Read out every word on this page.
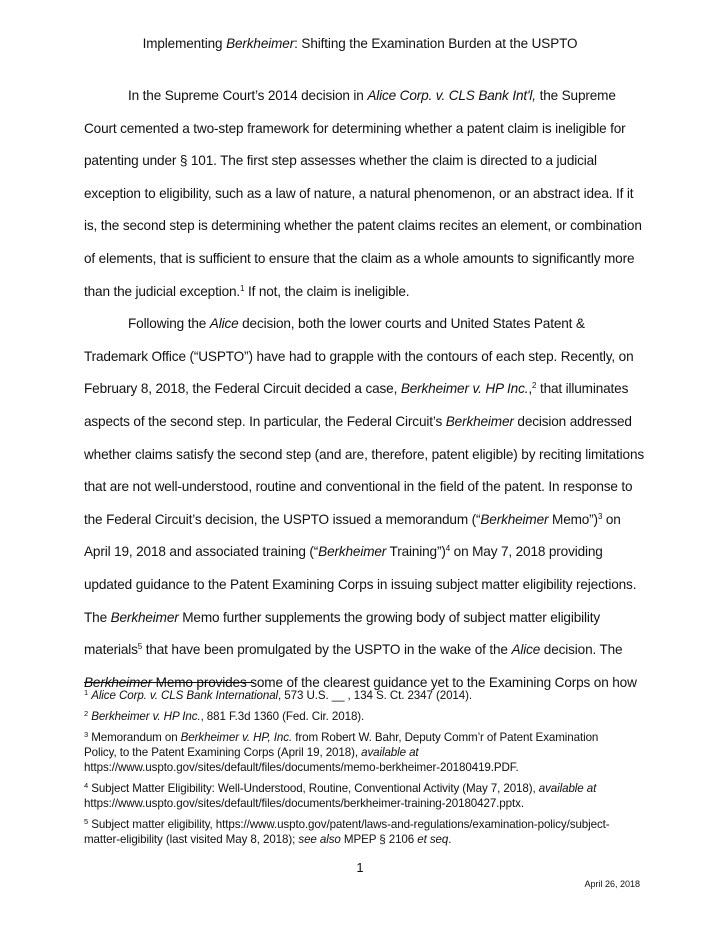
Implementing Berkheimer: Shifting the Examination Burden at the USPTO

In the Supreme Court’s 2014 decision in Alice Corp. v. CLS Bank Int'l, the Supreme

Court cemented a two-step framework for determining whether a patent claim is ineligible for

patenting under § 101. The first step assesses whether the claim is directed to a judicial

exception to eligibility, such as a law of nature, a natural phenomenon, or an abstract idea. If it

is, the second step is determining whether the patent claims recites an element, or combination

of elements, that is sufficient to ensure that the claim as a whole amounts to significantly more

than the judicial exception.$^1$ If not, the claim is ineligible.

Following the Alice decision, both the lower courts and United States Patent &

Trademark Office (“USPTO”) have had to grapple with the contours of each step. Recently, on

February 8, 2018, the Federal Circuit decided a case, Berkheimer v. HP Inc.,$^2$ that illuminates

aspects of the second step. In particular, the Federal Circuit’s Berkheimer decision addressed

whether claims satisfy the second step (and are, therefore, patent eligible) by reciting limitations

that are not well-understood, routine and conventional in the field of the patent. In response to

the Federal Circuit’s decision, the USPTO issued a memorandum (“Berkheimer Memo”)$^3$ on

April 19, 2018 and associated training (“Berkheimer Training”)$^4$ on May 7, 2018 providing

updated guidance to the Patent Examining Corps in issuing subject matter eligibility rejections.

The Berkheimer Memo further supplements the growing body of subject matter eligibility

materials$^5$ that have been promulgated by the USPTO in the wake of the Alice decision. The

Berkheimer Memo provides some of the clearest guidance yet to the Examining Corps on how

$^1$ Alice Corp. v. CLS Bank International, 573 U.S. __ , 134 S. Ct. 2347 (2014).

$^2$ Berkheimer v. HP Inc., 881 F.3d 1360 (Fed. Cir. 2018).

$^3$ Memorandum on Berkheimer v. HP, Inc. from Robert W. Bahr, Deputy Comm’r of Patent Examination
Policy, to the Patent Examining Corps (April 19, 2018), available at
https://www.uspto.gov/sites/default/files/documents/memo-berkheimer-20180419.PDF.

$^4$ Subject Matter Eligibility: Well-Understood, Routine, Conventional Activity (May 7, 2018), available at
https://www.uspto.gov/sites/default/files/documents/berkheimer-training-20180427.pptx.

$^5$ Subject matter eligibility, https://www.uspto.gov/patent/laws-and-regulations/examination-policy/subject-
matter-eligibility (last visited May 8, 2018); see also MPEP § 2106 et seq.

1
April 26, 2018
